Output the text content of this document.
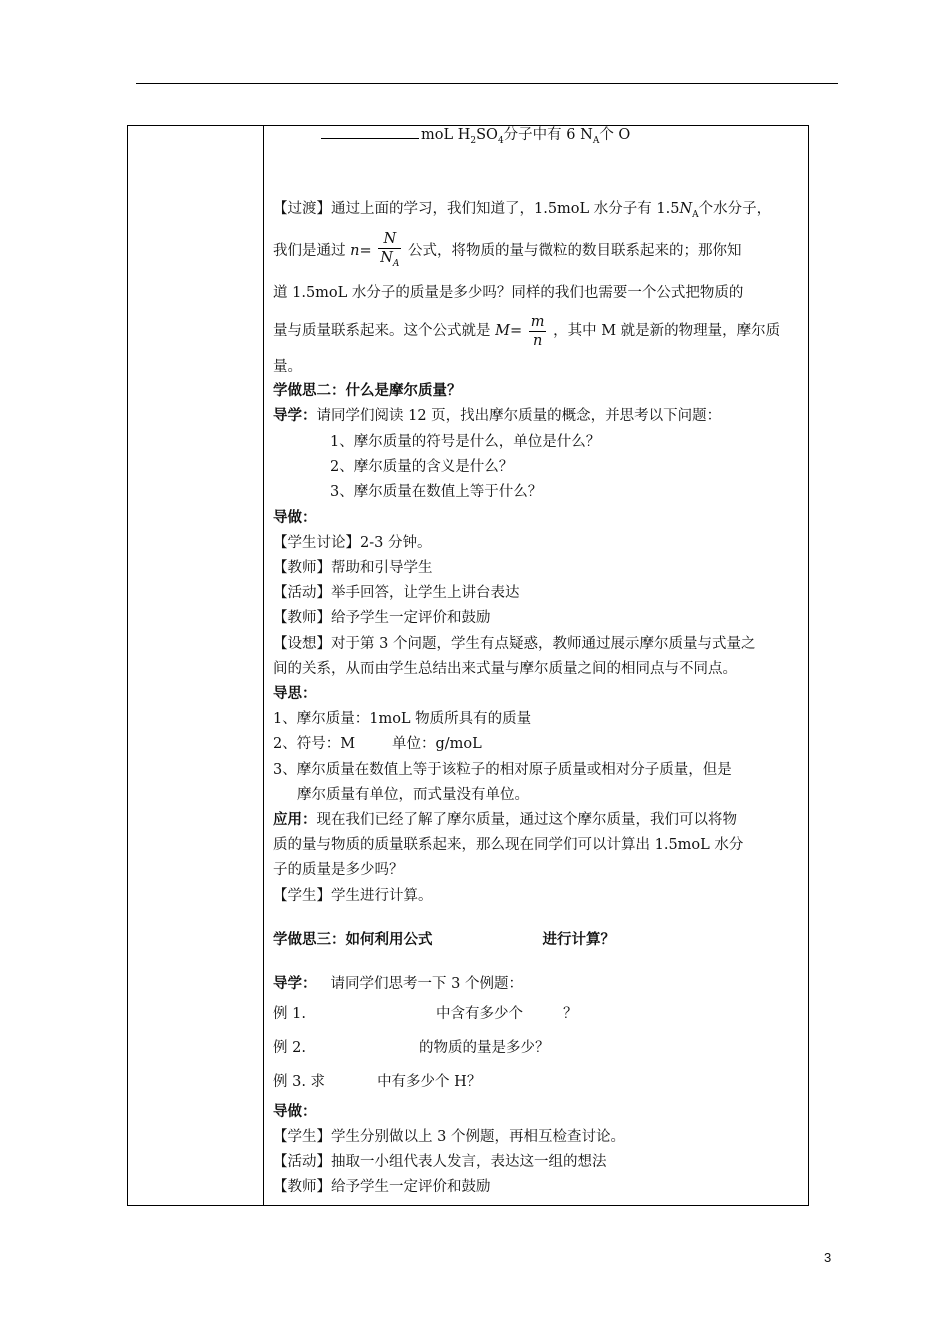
moL $H_2SO_4$分子中有 6 $N_A$个 O
【过渡】通过上面的学习，我们知道了，1.5moL 水分子有 $1.5N_A$个水分子，
我们是通过 $n= \frac{N}{N_A}$ 公式，将物质的量与微粒的数目联系起来的；那你知
道 1.5moL 水分子的质量是多少吗？同样的我们也需要一个公式把物质的
量与质量联系起来。这个公式就是 $M= \frac{m}{n}$ ，其中 M 就是新的物理量，摩尔质
量。
学做思二：什么是摩尔质量？
导学：请同学们阅读 12 页，找出摩尔质量的概念，并思考以下问题：
1、摩尔质量的符号是什么，单位是什么？
2、摩尔质量的含义是什么？
3、摩尔质量在数值上等于什么？
导做：
【学生讨论】2-3 分钟。
【教师】帮助和引导学生
【活动】举手回答，让学生上讲台表达
【教师】给予学生一定评价和鼓励
【设想】对于第 3 个问题，学生有点疑惑，教师通过展示摩尔质量与式量之
间的关系，从而由学生总结出来式量与摩尔质量之间的相同点与不同点。
导思：
1、摩尔质量：1moL 物质所具有的质量
2、符号：M        单位：g/moL
3、摩尔质量在数值上等于该粒子的相对原子质量或相对分子质量，但是
摩尔质量有单位，而式量没有单位。
应用：现在我们已经了解了摩尔质量，通过这个摩尔质量，我们可以将物
质的量与物质的质量联系起来，那么现在同学们可以计算出 1.5moL 水分
子的质量是多少吗？
【学生】学生进行计算。
学做思三：如何利用公式	进行计算？
导学： 请同学们思考一下 3 个例题：
例 1.	中含有多少个	？
例 2.	的物质的量是多少？
例 3. 求	中有多少个 H？
导做：
【学生】学生分别做以上 3 个例题，再相互检查讨论。
【活动】抽取一小组代表人发言，表达这一组的想法
【教师】给予学生一定评价和鼓励
3
